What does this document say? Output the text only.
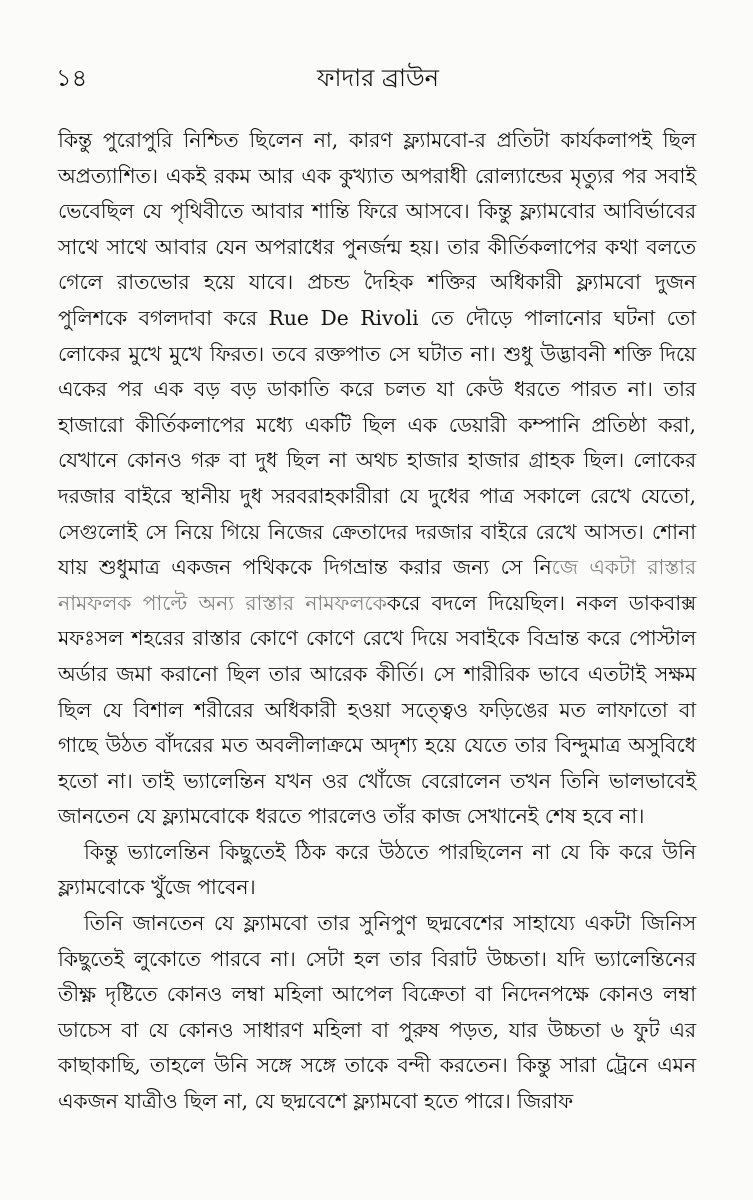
১৪	ফাদার ব্রাউন

কিন্তু পুরোপুরি নিশ্চিত ছিলেন না, কারণ ফ্ল্যামবো-র প্রতিটা কার্যকলাপই ছিল অপ্রত্যাশিত। একই রকম আর এক কুখ্যাত অপরাধী রোল্যান্ডের মৃত্যুর পর সবাই ভেবেছিল যে পৃথিবীতে আবার শান্তি ফিরে আসবে। কিন্তু ফ্ল্যামবোর আবির্ভাবের সাথে সাথে আবার যেন অপরাধের পুনর্জন্ম হয়। তার কীর্তিকলাপের কথা বলতে গেলে রাতভোর হয়ে যাবে। প্রচন্ড দৈহিক শক্তির অধিকারী ফ্ল্যামবো দুজন পুলিশকে বগলদাবা করে Rue De Rivoli তে দৌড়ে পালানোর ঘটনা তো লোকের মুখে মুখে ফিরত। তবে রক্তপাত সে ঘটাত না। শুধু উদ্ভাবনী শক্তি দিয়ে একের পর এক বড় বড় ডাকাতি করে চলত যা কেউ ধরতে পারত না। তার হাজারো কীর্তিকলাপের মধ্যে একটি ছিল এক ডেয়ারী কম্পানি প্রতিষ্ঠা করা, যেখানে কোনও গরু বা দুধ ছিল না অথচ হাজার হাজার গ্রাহক ছিল। লোকের দরজার বাইরে স্থানীয় দুধ সরবরাহকারীরা যে দুধের পাত্র সকালে রেখে যেতো, সেগুলোই সে নিয়ে গিয়ে নিজের ক্রেতাদের দরজার বাইরে রেখে আসত। শোনা যায় শুধুমাত্র একজন পথিককে দিগভ্রান্ত করার জন্য সে নিজে একটা রাস্তার নামফলক পাল্টে অন্য রাস্তার নামফলকেকরে বদলে দিয়েছিল। নকল ডাকবাক্স মফঃসল শহরের রাস্তার কোণে কোণে রেখে দিয়ে সবাইকে বিভ্রান্ত করে পোস্টাল অর্ডার জমা করানো ছিল তার আরেক কীর্তি। সে শারীরিক ভাবে এতটাই সক্ষম ছিল যে বিশাল শরীরের অধিকারী হওয়া সত্ত্বেও ফড়িঙের মত লাফাতো বা গাছে উঠত বাঁদরের মত অবলীলাক্রমে অদৃশ্য হয়ে যেতে তার বিন্দুমাত্র অসুবিধে হতো না। তাই ভ্যালেন্তিন যখন ওর খোঁজে বেরোলেন তখন তিনি ভালভাবেই জানতেন যে ফ্ল্যামবোকে ধরতে পারলেও তাঁর কাজ সেখানেই শেষ হবে না।

কিন্তু ভ্যালেন্তিন কিছুতেই ঠিক করে উঠতে পারছিলেন না যে কি করে উনি ফ্ল্যামবোকে খুঁজে পাবেন।

তিনি জানতেন যে ফ্ল্যামবো তার সুনিপুণ ছদ্মবেশের সাহায্যে একটা জিনিস কিছুতেই লুকোতে পারবে না। সেটা হল তার বিরাট উচ্চতা। যদি ভ্যালেন্তিনের তীক্ষ্ণ দৃষ্টিতে কোনও লম্বা মহিলা আপেল বিক্রেতা বা নিদেনপক্ষে কোনও লম্বা ডাচেস বা যে কোনও সাধারণ মহিলা বা পুরুষ পড়ত, যার উচ্চতা ৬ ফুট এর কাছাকাছি, তাহলে উনি সঙ্গে সঙ্গে তাকে বন্দী করতেন। কিন্তু সারা ট্রেনে এমন একজন যাত্রীও ছিল না, যে ছদ্মবেশে ফ্ল্যামবো হতে পারে। জিরাফ
